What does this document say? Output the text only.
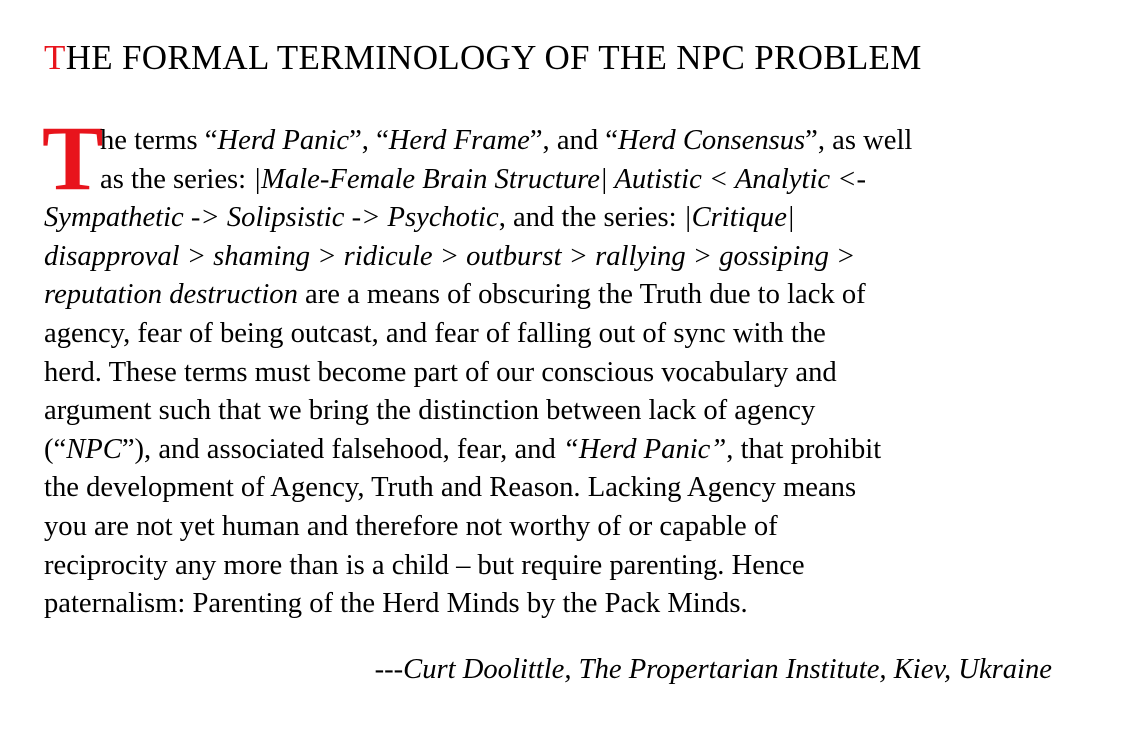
THE FORMAL TERMINOLOGY OF THE NPC PROBLEM
T
he terms “Herd Panic”, “Herd Frame”, and “Herd Consensus”, as well
as the series: |Male-Female Brain Structure| Autistic < Analytic <-
Sympathetic -> Solipsistic -> Psychotic, and the series: |Critique|
disapproval > shaming > ridicule > outburst > rallying > gossiping >
reputation destruction are a means of obscuring the Truth due to lack of
agency, fear of being outcast, and fear of falling out of sync with the
herd. These terms must become part of our conscious vocabulary and
argument such that we bring the distinction between lack of agency
(“NPC”), and associated falsehood, fear, and “Herd Panic”, that prohibit
the development of Agency, Truth and Reason. Lacking Agency means
you are not yet human and therefore not worthy of or capable of
reciprocity any more than is a child – but require parenting. Hence
paternalism: Parenting of the Herd Minds by the Pack Minds.
---Curt Doolittle, The Propertarian Institute, Kiev, Ukraine
